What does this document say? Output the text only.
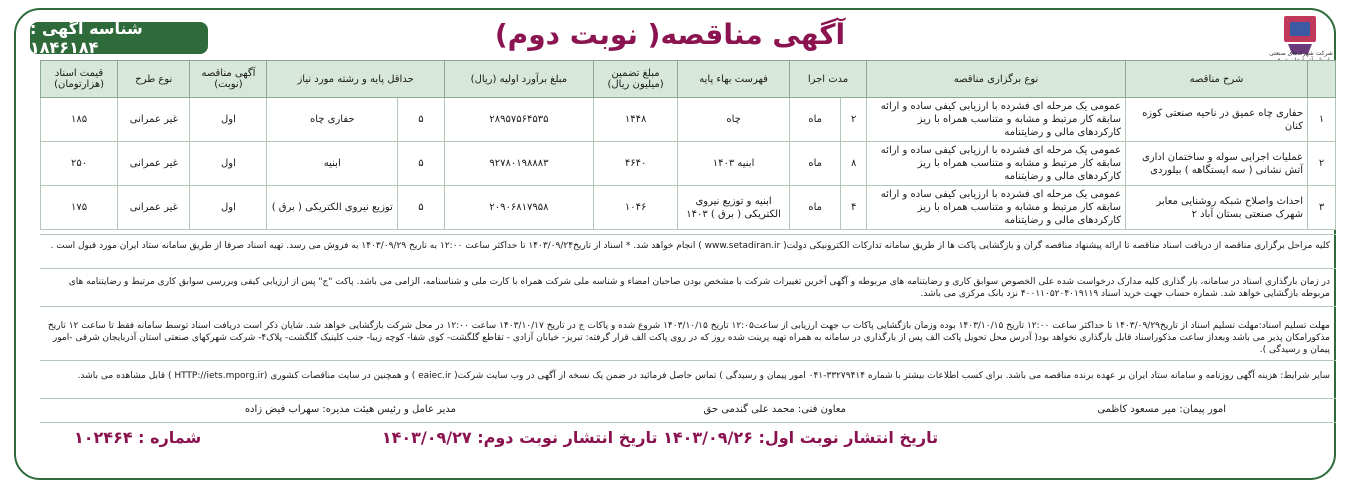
شرکت شهرک‌های صنعتی
آگهی مناقصه( نوبت دوم)
شناسه آگهی : ۱۸۴۶۱۸۴
	شرح مناقصه	نوع برگزاری مناقصه	مدت اجرا		فهرست بهاء پایه	مبلغ تضمین (میلیون ریال)	مبلغ برآورد اولیه (ریال)	حداقل پایه و رشته مورد نیاز		آگهی مناقصه (نوبت)	نوع طرح	قیمت اسناد (هزارتومان)
۱	حفاری چاه عمیق در ناحیه صنعتی کوزه کنان	عمومی یک مرحله ای فشرده با ارزیابی کیفی ساده و ارائه سابقه کار مرتبط و مشابه و متناسب همراه با ریز کارکردهای مالی و رضایتنامه	۲	ماه	چاه	۱۴۴۸	۲۸۹۵۷۵۶۴۵۳۵	۵	حفاری چاه	اول	غیر عمرانی	۱۸۵
۲	عملیات اجرایی سوله و ساختمان اداری آتش نشانی ( سه ایستگاهه ) بیلوردی	عمومی یک مرحله ای فشرده با ارزیابی کیفی ساده و ارائه سابقه کار مرتبط و مشابه و متناسب همراه با ریز کارکردهای مالی و رضایتنامه	۸	ماه	ابنیه ۱۴۰۳	۴۶۴۰	۹۲۷۸۰۱۹۸۸۸۳	۵	ابنیه	اول	غیر عمرانی	۲۵۰
۳	احداث واصلاح شبکه روشنایی معابر شهرک صنعتی بستان آباد ۲	عمومی یک مرحله ای فشرده با ارزیابی کیفی ساده و ارائه سابقه کار مرتبط و مشابه و متناسب همراه با ریز کارکردهای مالی و رضایتنامه	۴	ماه	ابنیه و توزیع نیروی الکتریکی ( برق ) ۱۴۰۳	۱۰۴۶	۲۰۹۰۶۸۱۷۹۵۸	۵	توزیع نیروی الکتریکی ( برق )	اول	غیر عمرانی	۱۷۵
کلیه مراحل برگزاری مناقصه از دریافت اسناد مناقصه تا ارائه پیشنهاد مناقصه گران و بازگشایی پاکت ها از طریق سامانه تدارکات الکترونیکی دولت( www.setadiran.ir ) انجام خواهد شد. * اسناد از تاریخ۱۴۰۳/۰۹/۲۴ تا حداکثر ساعت ۱۲:۰۰ به تاریخ ۱۴۰۳/۰۹/۲۹ به فروش می رسد. تهیه اسناد صرفا از طریق سامانه ستاد ایران مورد قبول است .
در زمان بارگذاری اسناد در سامانه، بار گذاری کلیه مدارک درخواست شده علی الخصوص سوابق کاری و رضایتنامه های مربوطه و آگهی آخرین تغییرات شرکت با مشخص بودن صاحبان امضاء و شناسه ملی شرکت همراه با کارت ملی و شناسنامه، الزامی می باشد. پاکت "ج" پس از ارزیابی کیفی وبررسی سوابق کاری مرتبط و رضایتنامه های مربوطه بازگشایی خواهد شد. شماره حساب جهت خرید اسناد ۴۰۰۱۱۰۵۲۰۴۰۱۹۱۱۹ نزد بانک مرکزی می باشد.
مهلت تسلیم اسناد:مهلت تسلیم اسناد از تاریخ۱۴۰۳/۰۹/۲۹ تا حداکثر ساعت ۱۲:۰۰ تاریخ ۱۴۰۳/۱۰/۱۵ بوده وزمان بازگشایی پاکات ب جهت ارزیابی از ساعت۱۲:۰۵ تاریخ ۱۴۰۳/۱۰/۱۵ شروع شده و پاکات ج در تاریخ ۱۴۰۳/۱۰/۱۷ ساعت ۱۲:۰۰ در محل شرکت بازگشایی خواهد شد. شایان ذکر است دریافت اسناد توسط سامانه فقط تا ساعت ۱۲ تاریخ مذکورامکان پذیر می باشد وبعداز ساعت مذکوراسناد قابل بارگذاری نخواهد بود( آدرس محل تحویل پاکت الف پس از بارگذاری در سامانه به همراه تهیه پرینت شده روز که در روی پاکت الف قرار گرفته: تبریز- خیابان آزادی - تقاطع گلگشت- کوی شفا- کوچه زیبا- جنب کلینیک گلگشت- پلاک۴- شرکت شهرکهای صنعتی استان آذربایجان شرقی -امور پیمان و رسیدگی ).
سایر شرایط: هزینه آگهی روزنامه و سامانه ستاد ایران بر عهده برنده مناقصه می باشد. برای کسب اطلاعات بیشتر با شماره ۳۳۲۷۹۴۱۴-۰۴۱ امور پیمان و رسیدگی ) تماس حاصل فرمائید در ضمن یک نسخه از آگهی در وب سایت شرکت( eaiec.ir ) و همچنین در سایت مناقصات کشوری (HTTP://iets.mporg.ir ) قابل مشاهده می باشد.
امور پیمان: میر مسعود کاظمی
معاون فنی: محمد علی گندمی حق
مدیر عامل و رئیس هیئت مدیره: سهراب فیض زاده
تاریخ انتشار نوبت اول: ۱۴۰۳/۰۹/۲۶ تاریخ انتشار نوبت دوم: ۱۴۰۳/۰۹/۲۷
شماره : ۱۰۲۴۶۴
